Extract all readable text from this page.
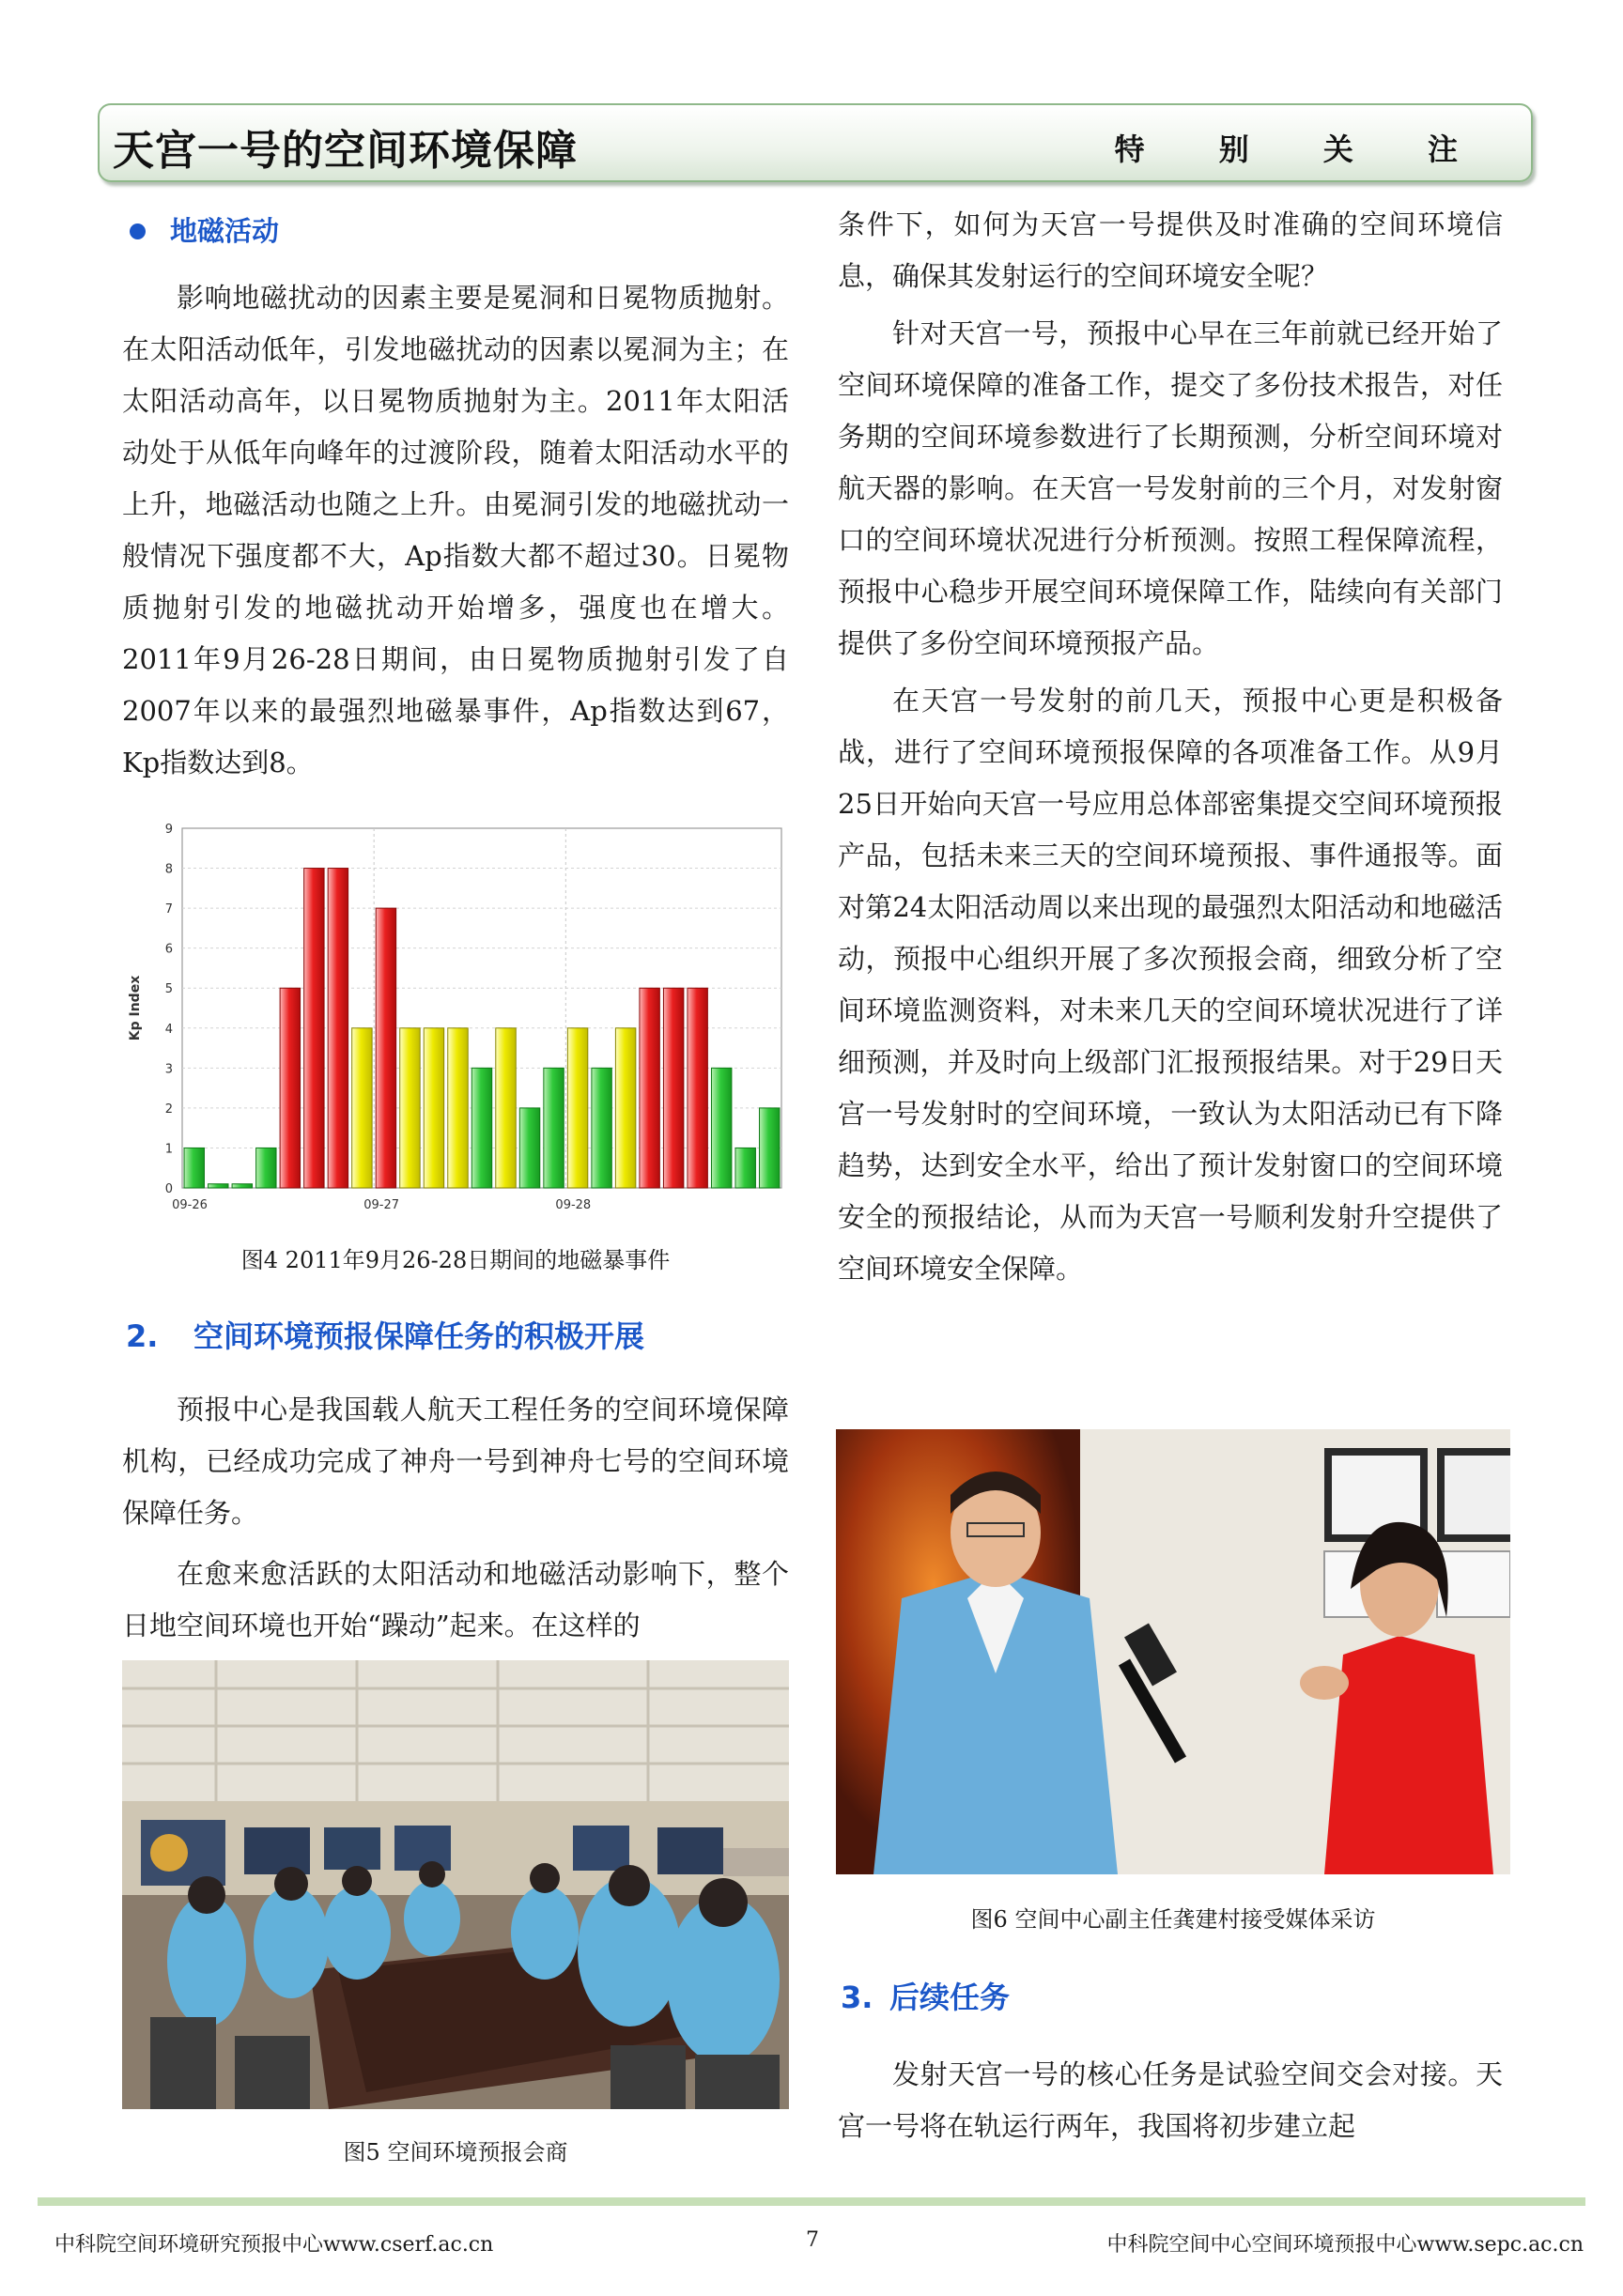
天宫一号的空间环境保障	特 别 关 注
地磁活动

影响地磁扰动的因素主要是冕洞和日冕物质抛射。在太阳活动低年，引发地磁扰动的因素以冕洞为主；在太阳活动高年，以日冕物质抛射为主。2011年太阳活动处于从低年向峰年的过渡阶段，随着太阳活动水平的上升，地磁活动也随之上升。由冕洞引发的地磁扰动一般情况下强度都不大，Ap指数大都不超过30。日冕物质抛射引发的地磁扰动开始增多，强度也在增大。2011年9月26-28日期间，由日冕物质抛射引发了自2007年以来的最强烈地磁暴事件，Ap指数达到67，Kp指数达到8。

0
1
2
3
4
5
6
7
8
9
09-26	09-27	09-28
Kp Index
图4 2011年9月26-28日期间的地磁暴事件
2. 空间环境预报保障任务的积极开展

预报中心是我国载人航天工程任务的空间环境保障机构，已经成功完成了神舟一号到神舟七号的空间环境保障任务。

在愈来愈活跃的太阳活动和地磁活动影响下，整个日地空间环境也开始“躁动”起来。在这样的

图5 空间环境预报会商

条件下，如何为天宫一号提供及时准确的空间环境信息，确保其发射运行的空间环境安全呢？

针对天宫一号，预报中心早在三年前就已经开始了空间环境保障的准备工作，提交了多份技术报告，对任务期的空间环境参数进行了长期预测，分析空间环境对航天器的影响。在天宫一号发射前的三个月，对发射窗口的空间环境状况进行分析预测。按照工程保障流程，预报中心稳步开展空间环境保障工作，陆续向有关部门提供了多份空间环境预报产品。

在天宫一号发射的前几天，预报中心更是积极备战，进行了空间环境预报保障的各项准备工作。从9月25日开始向天宫一号应用总体部密集提交空间环境预报产品，包括未来三天的空间环境预报、事件通报等。面对第24太阳活动周以来出现的最强烈太阳活动和地磁活动，预报中心组织开展了多次预报会商，细致分析了空间环境监测资料，对未来几天的空间环境状况进行了详细预测，并及时向上级部门汇报预报结果。对于29日天宫一号发射时的空间环境，一致认为太阳活动已有下降趋势，达到安全水平，给出了预计发射窗口的空间环境安全的预报结论，从而为天宫一号顺利发射升空提供了空间环境安全保障。

图6 空间中心副主任龚建村接受媒体采访
3. 后续任务

发射天宫一号的核心任务是试验空间交会对接。天宫一号将在轨运行两年，我国将初步建立起

中科院空间环境研究预报中心www.cserf.ac.cn	7	中科院空间中心空间环境预报中心www.sepc.ac.cn
